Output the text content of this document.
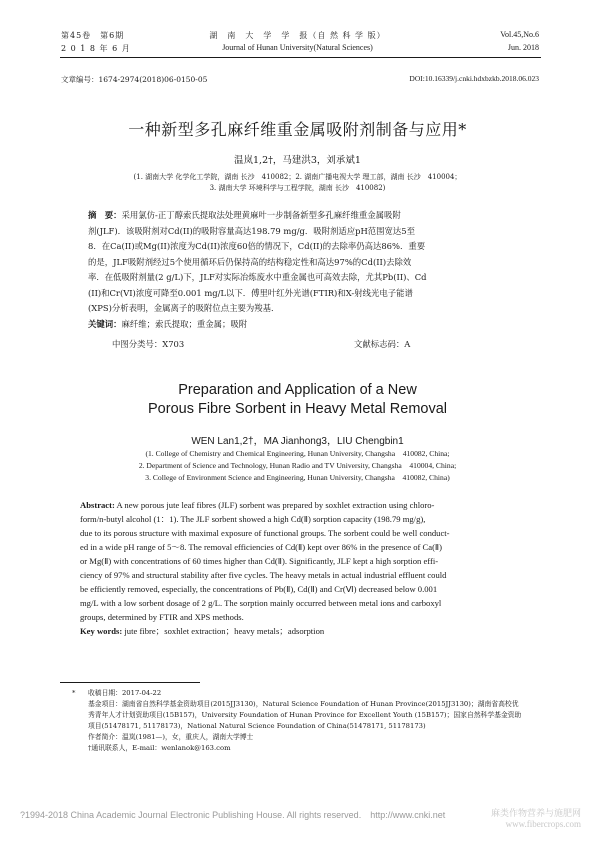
第45卷　第6期
2 0 1 8 年 6 月
湖　南　大　学　学　报（自 然 科 学 版）
Journal of Hunan University(Natural Sciences)
Vol.45,No.6
Jun. 2018
文章编号：1674-2974(2018)06-0150-05	DOI:10.16339/j.cnki.hdxbzkb.2018.06.023
一种新型多孔麻纤维重金属吸附剂制备与应用*
温岚1,2†，马建洪3，刘承斌1
(1. 湖南大学 化学化工学院，湖南 长沙　410082；2. 湖南广播电视大学 理工部，湖南 长沙　410004；
3. 湖南大学 环境科学与工程学院，湖南 长沙　410082)
摘　要：采用氯仿-正丁醇索氏提取法处理黄麻叶一步制备新型多孔麻纤维重金属吸附
剂(JLF)．该吸附剂对Cd(II)的吸附容量高达198.79 mg/g．吸附剂适应pH范围宽达5至
8．在Ca(II)或Mg(II)浓度为Cd(II)浓度60倍的情况下，Cd(II)的去除率仍高达86%．重要
的是，JLF吸附剂经过5个使用循环后仍保持高的结构稳定性和高达97%的Cd(II)去除效
率．在低吸附剂量(2 g/L)下，JLF对实际冶炼废水中重金属也可高效去除，尤其Pb(II)、Cd
(II)和Cr(VI)浓度可降至0.001 mg/L以下．傅里叶红外光谱(FTIR)和X-射线光电子能谱
(XPS)分析表明，金属离子的吸附位点主要为羧基．
关键词：麻纤维；索氏提取；重金属；吸附
中图分类号：X703	文献标志码：A
Preparation and Application of a New
Porous Fibre Sorbent in Heavy Metal Removal
WEN Lan1,2†，MA Jianhong3，LIU Chengbin1
(1. College of Chemistry and Chemical Engineering, Hunan University, Changsha　410082, China;
2. Department of Science and Technology, Hunan Radio and TV University, Changsha　410004, China;
3. College of Environment Science and Engineering, Hunan University, Changsha　410082, China)
Abstract: A new porous jute leaf fibres (JLF) sorbent was prepared by soxhlet extraction using chloro-
form/n-butyl alcohol (1：1). The JLF sorbent showed a high Cd(Ⅱ) sorption capacity (198.79 mg/g),
due to its porous structure with maximal exposure of functional groups. The sorbent could be well conduct-
ed in a wide pH range of 5～8. The removal efficiencies of Cd(Ⅱ) kept over 86% in the presence of Ca(Ⅱ)
or Mg(Ⅱ) with concentrations of 60 times higher than Cd(Ⅱ). Significantly, JLF kept a high sorption effi-
ciency of 97% and structural stability after five cycles. The heavy metals in actual industrial effluent could
be efficiently removed, especially, the concentrations of Pb(Ⅱ), Cd(Ⅱ) and Cr(Ⅵ) decreased below 0.001
mg/L with a low sorbent dosage of 2 g/L. The sorption mainly occurred between metal ions and carboxyl
groups, determined by FTIR and XPS methods.
Key words: jute fibre；soxhlet extraction；heavy metals；adsorption
* 收稿日期：2017-04-22
基金项目：湖南省自然科学基金资助项目(2015JJ3130)，Natural Science Foundation of Hunan Province(2015JJ3130)；湖南省高校优
秀青年人才计划资助项目(15B157)，University Foundation of Hunan Province for Excellent Youth (15B157)；国家自然科学基金资助
项目(51478171, 51178173)，National Natural Science Foundation of China(51478171, 51178173)
作者简介：温岚(1981—)，女，重庆人，湖南大学博士
†通讯联系人，E-mail：wenlanok@163.com
?1994-2018 China Academic Journal Electronic Publishing House. All rights reserved.　http://www.cnki.net	麻类作物营养与施肥网
www.fibercrops.com
